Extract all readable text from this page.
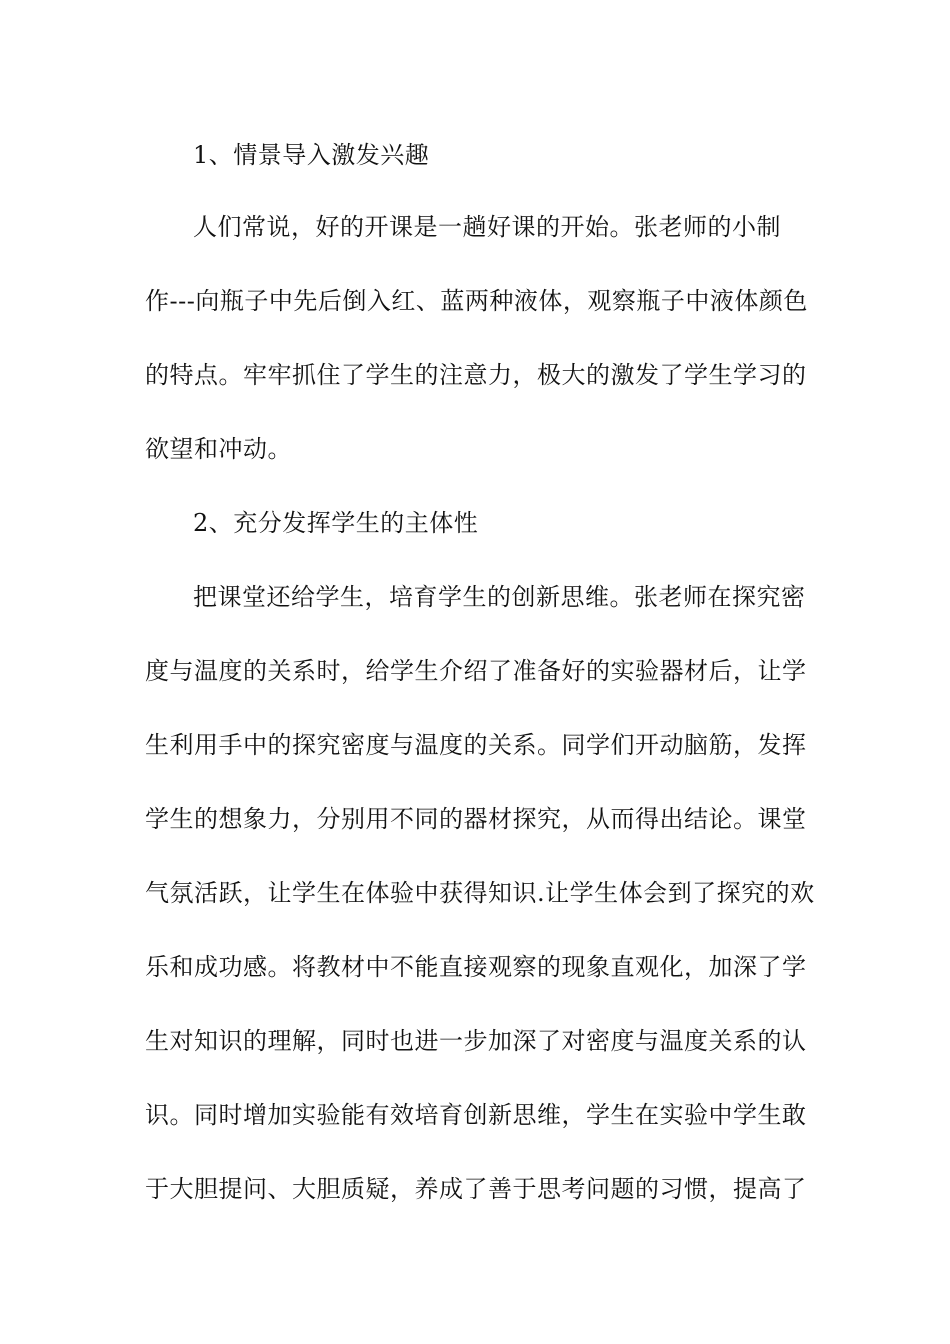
1、情景导入激发兴趣
人们常说，好的开课是一趟好课的开始。张老师的小制
作---向瓶子中先后倒入红、蓝两种液体，观察瓶子中液体颜色
的特点。牢牢抓住了学生的注意力，极大的激发了学生学习的
欲望和冲动。
2、充分发挥学生的主体性
把课堂还给学生，培育学生的创新思维。张老师在探究密
度与温度的关系时，给学生介绍了准备好的实验器材后，让学
生利用手中的探究密度与温度的关系。同学们开动脑筋，发挥
学生的想象力，分别用不同的器材探究，从而得出结论。课堂
气氛活跃，让学生在体验中获得知识.让学生体会到了探究的欢
乐和成功感。将教材中不能直接观察的现象直观化，加深了学
生对知识的理解，同时也进一步加深了对密度与温度关系的认
识。同时增加实验能有效培育创新思维，学生在实验中学生敢
于大胆提问、大胆质疑，养成了善于思考问题的习惯，提高了
